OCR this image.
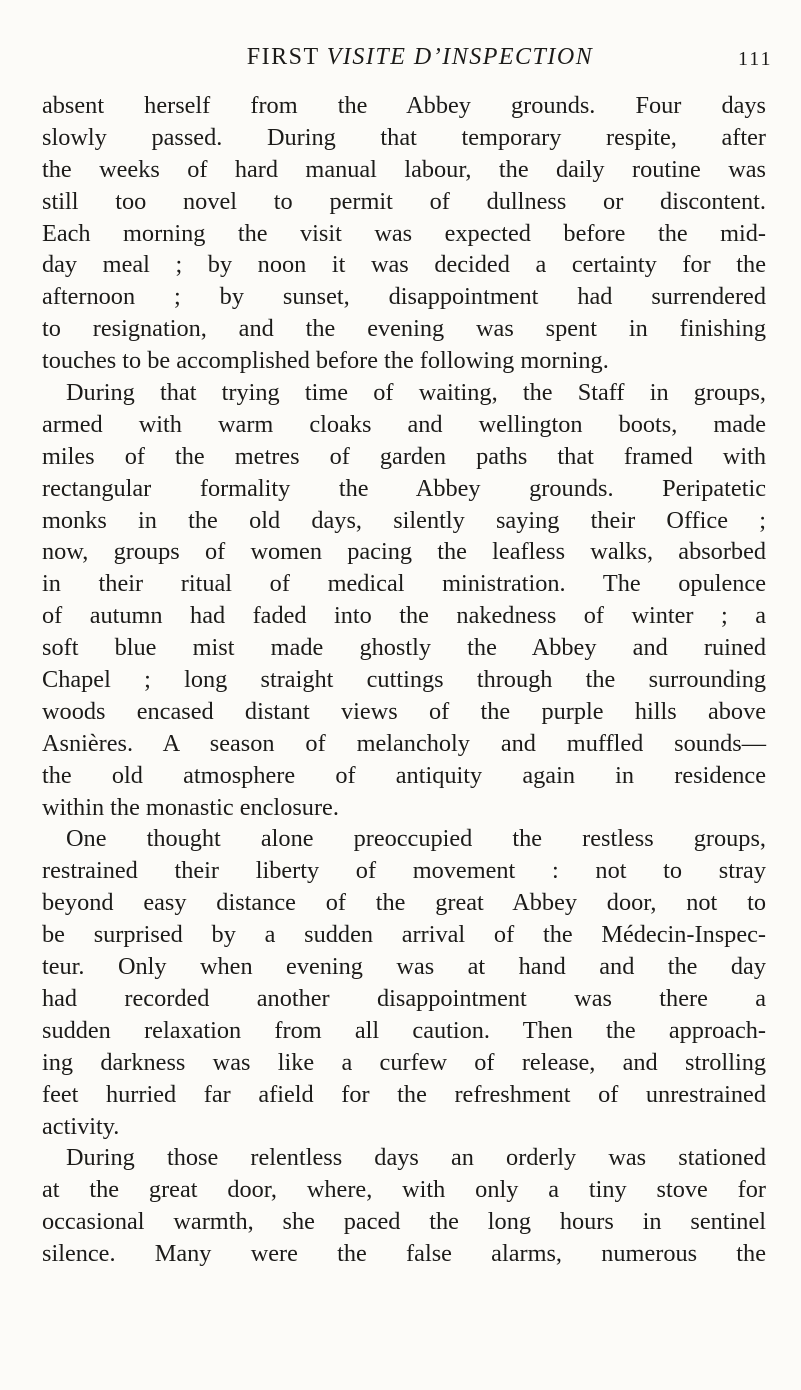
FIRST VISITE D’INSPECTION	111
absent herself from the Abbey grounds. Four days
slowly passed. During that temporary respite, after
the weeks of hard manual labour, the daily routine was
still too novel to permit of dullness or discontent.
Each morning the visit was expected before the mid-
day meal ; by noon it was decided a certainty for the
afternoon ; by sunset, disappointment had surrendered
to resignation, and the evening was spent in finishing
touches to be accomplished before the following morning.
During that trying time of waiting, the Staff in groups,
armed with warm cloaks and wellington boots, made
miles of the metres of garden paths that framed with
rectangular formality the Abbey grounds. Peripatetic
monks in the old days, silently saying their Office ;
now, groups of women pacing the leafless walks, absorbed
in their ritual of medical ministration. The opulence
of autumn had faded into the nakedness of winter ; a
soft blue mist made ghostly the Abbey and ruined
Chapel ; long straight cuttings through the surrounding
woods encased distant views of the purple hills above
Asnières. A season of melancholy and muffled sounds—
the old atmosphere of antiquity again in residence
within the monastic enclosure.
One thought alone preoccupied the restless groups,
restrained their liberty of movement : not to stray
beyond easy distance of the great Abbey door, not to
be surprised by a sudden arrival of the Médecin-Inspec-
teur. Only when evening was at hand and the day
had recorded another disappointment was there a
sudden relaxation from all caution. Then the approach-
ing darkness was like a curfew of release, and strolling
feet hurried far afield for the refreshment of unrestrained
activity.
During those relentless days an orderly was stationed
at the great door, where, with only a tiny stove for
occasional warmth, she paced the long hours in sentinel
silence. Many were the false alarms, numerous the
